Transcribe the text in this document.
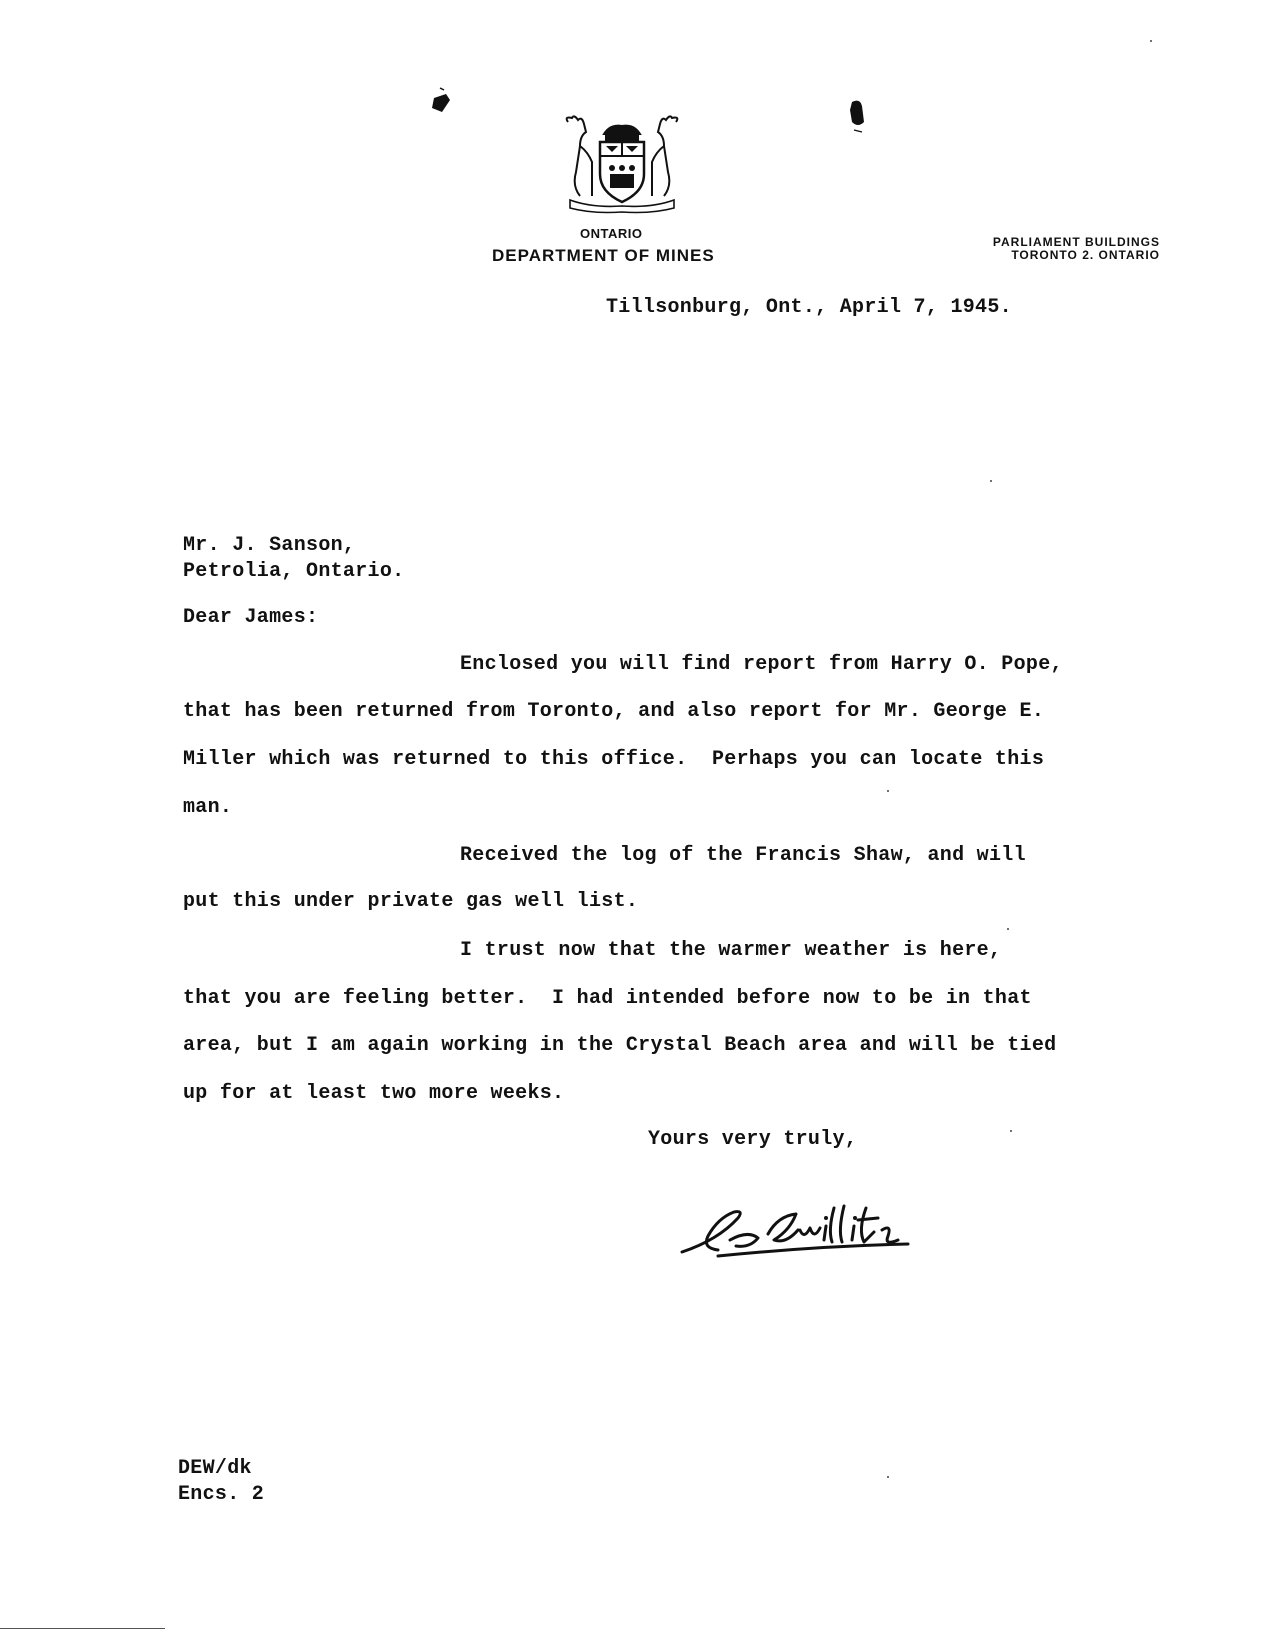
ONTARIO
DEPARTMENT OF MINES
PARLIAMENT BUILDINGS
TORONTO 2. ONTARIO
Tillsonburg, Ont., April 7, 1945.
Mr. J. Sanson,
Petrolia, Ontario.
Dear James:
Enclosed you will find report from Harry O. Pope,
that has been returned from Toronto, and also report for Mr. George E.
Miller which was returned to this office.  Perhaps you can locate this
man.
Received the log of the Francis Shaw, and will
put this under private gas well list.
I trust now that the warmer weather is here,
that you are feeling better.  I had intended before now to be in that
area, but I am again working in the Crystal Beach area and will be tied
up for at least two more weeks.
Yours very truly,
DEW/dk
Encs. 2
